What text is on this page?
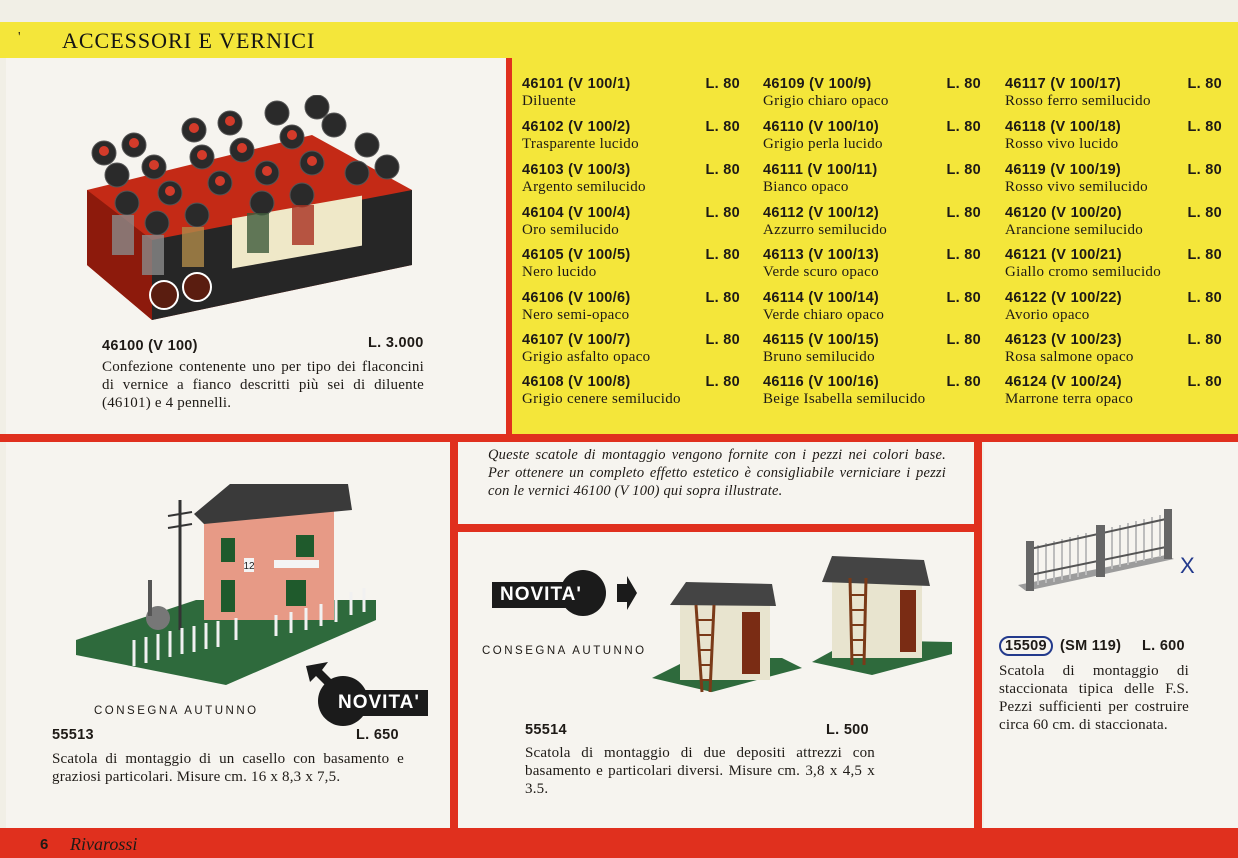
' ACCESSORI E VERNICI
46100 (V 100)	L. 3.000
Confezione contenente uno per tipo dei flaconcini di vernice a fianco descritti più sei di diluente (46101) e 4 pennelli.
46101 (V 100/1)	L. 80
Diluente
46102 (V 100/2)	L. 80
Trasparente lucido
46103 (V 100/3)	L. 80
Argento semilucido
46104 (V 100/4)	L. 80
Oro semilucido
46105 (V 100/5)	L. 80
Nero lucido
46106 (V 100/6)	L. 80
Nero semi-opaco
46107 (V 100/7)	L. 80
Grigio asfalto opaco
46108 (V 100/8)	L. 80
Grigio cenere semilucido
46109 (V 100/9)	L. 80
Grigio chiaro opaco
46110 (V 100/10)	L. 80
Grigio perla lucido
46111 (V 100/11)	L. 80
Bianco opaco
46112 (V 100/12)	L. 80
Azzurro semilucido
46113 (V 100/13)	L. 80
Verde scuro opaco
46114 (V 100/14)	L. 80
Verde chiaro opaco
46115 (V 100/15)	L. 80
Bruno semilucido
46116 (V 100/16)	L. 80
Beige Isabella semilucido
46117 (V 100/17)	L. 80
Rosso ferro semilucido
46118 (V 100/18)	L. 80
Rosso vivo lucido
46119 (V 100/19)	L. 80
Rosso vivo semilucido
46120 (V 100/20)	L. 80
Arancione semilucido
46121 (V 100/21)	L. 80
Giallo cromo semilucido
46122 (V 100/22)	L. 80
Avorio opaco
46123 (V 100/23)	L. 80
Rosa salmone opaco
46124 (V 100/24)	L. 80
Marrone terra opaco
Queste scatole di montaggio vengono fornite con i pezzi nei colori base. Per ottenere un completo effetto estetico è consigliabile verniciare i pezzi con le vernici 46100 (V 100) qui sopra illustrate.
12
NOVITA'
CONSEGNA AUTUNNO
55513	L. 650
Scatola di montaggio di un casello con basamento e graziosi particolari. Misure cm. 16 x 8,3 x 7,5.
NOVITA'
CONSEGNA AUTUNNO
55514	L. 500
Scatola di montaggio di due depositi attrezzi con basamento e particolari diversi. Misure cm. 3,8 x 4,5 x 3.5.
X
15509 (SM 119) L. 600
Scatola di montaggio di staccionata tipica delle F.S. Pezzi sufficienti per costruire circa 60 cm. di staccionata.
6 Rivarossi
